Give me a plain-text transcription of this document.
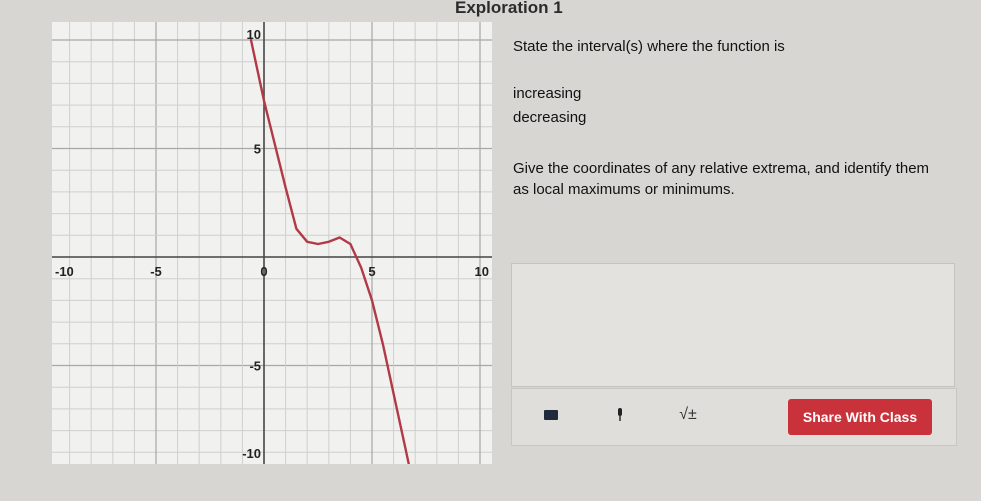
Exploration 1
-10	-5	0	5	10
10
5
-5
-10
State the interval(s) where the function is
increasing
decreasing
Give the coordinates of any relative extrema, and identify them
as local maximums or minimums.
√±	Share With Class
